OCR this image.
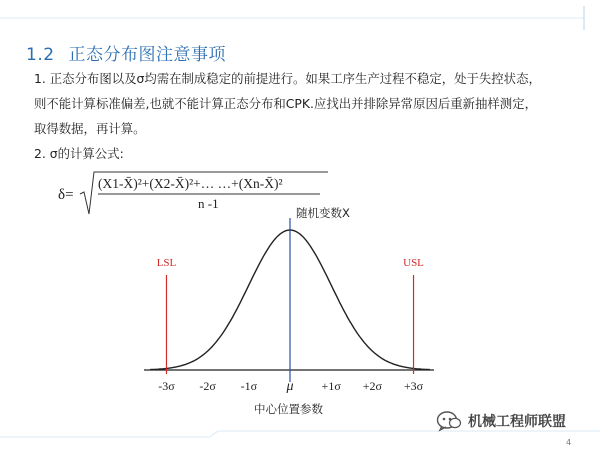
1.2 正态分布图注意事项

1. 正态分布图以及σ均需在制成稳定的前提进行。如果工序生产过程不稳定，处于失控状态，

则不能计算标准偏差,也就不能计算正态分布和CPK.应找出并排除异常原因后重新抽样测定，

取得数据，再计算。

2. σ的计算公式:

δ=
(X1-X̄)²+(X2-X̄)²+… …+(Xn-X̄)²
n -1
LSL	USL
-3σ -2σ -1σ μ +1σ +2σ +3σ
随机变数X
中心位置参数
机械工程师联盟
4
